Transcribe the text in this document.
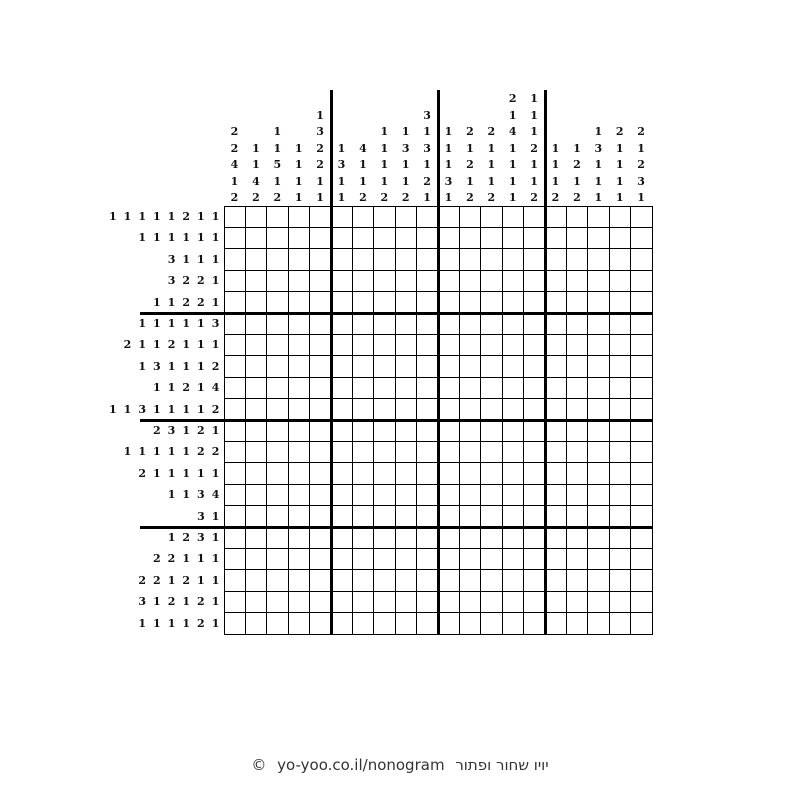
2
2
4
1
2
1
1
4
2
1
1
5
1
2
1
1
1
1
1
3
2
2
1
1
1
3
1
1
4
1
1
2
1
1
1
1
2
1
3
1
1
2
3
1
3
1
2
1
1
1
1
3
1
2
1
2
1
2
2
1
1
1
2
2
1
4
1
1
1
1
1
1
1
2
1
1
2
1
1
1
2
1
2
1
2
1
3
1
1
1
2
1
1
1
1
2
1
2
3
1
1 1 1 1 1 2 1 1
1 1 1 1 1 1
3 1 1 1
3 2 2 1
1 1 2 2 1
1 1 1 1 1 3
2 1 1 2 1 1 1
1 3 1 1 1 2
1 1 2 1 4
1 1 3 1 1 1 1 2
2 3 1 2 1
1 1 1 1 1 2 2
2 1 1 1 1 1
1 1 3 4
3 1
1 2 3 1
2 2 1 1 1
2 2 1 2 1 1
3 1 2 1 2 1
1 1 1 1 2 1
© yo-yoo.co.il/nonogram יויו שחור ופתור
